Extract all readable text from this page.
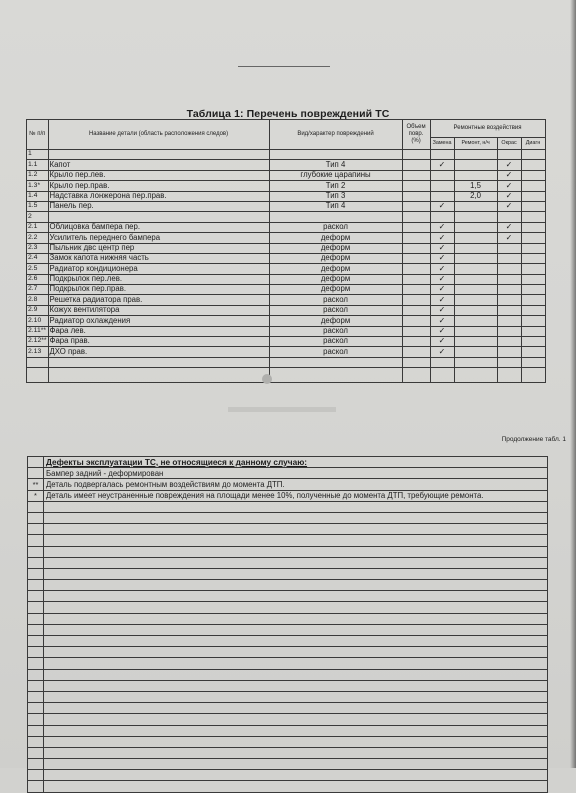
Таблица 1: Перечень повреждений ТС
№ п/п	Название детали (область расположения следов)	Вид/характер повреждений	Объем повр. (%)	Ремонтные воздействия			
				Замена	Ремонт, н/ч	Окрас	Диагн
1							
1.1	Капот	Тип 4		✓		✓	
1.2	Крыло пер.лев.	глубокие царапины				✓	
1.3*	Крыло пер.прав.	Тип 2			1,5	✓	
1.4	Надставка лонжерона пер.прав.	Тип 3			2,0	✓	
1.5	Панель пер.	Тип 4		✓		✓	
2							
2.1	Облицовка бампера пер.	раскол		✓		✓	
2.2	Усилитель переднего бампера	деформ		✓		✓	
2.3	Пыльник двс центр пер	деформ		✓			
2.4	Замок капота нижняя часть	деформ		✓			
2.5	Радиатор кондиционера	деформ		✓			
2.6	Подкрылок пер.лев.	деформ		✓			
2.7	Подкрылок пер.прав.	деформ		✓			
2.8	Решетка радиатора прав.	раскол		✓			
2.9	Кожух вентилятора	раскол		✓			
2.10	Радиатор охлаждения	деформ		✓			
2.11**	Фара лев.	раскол		✓			
2.12**	Фара прав.	раскол		✓			
2.13	ДХО прав.	раскол		✓			

Продолжение табл. 1
	Дефекты эксплуатации ТС, не относящиеся к данному случаю:
	Бампер задний - деформирован
**	Деталь подвергалась ремонтным воздействиям до момента ДТП.
*	Деталь имеет неустраненные повреждения на площади менее 10%, полученные до момента ДТП, требующие ремонта.
